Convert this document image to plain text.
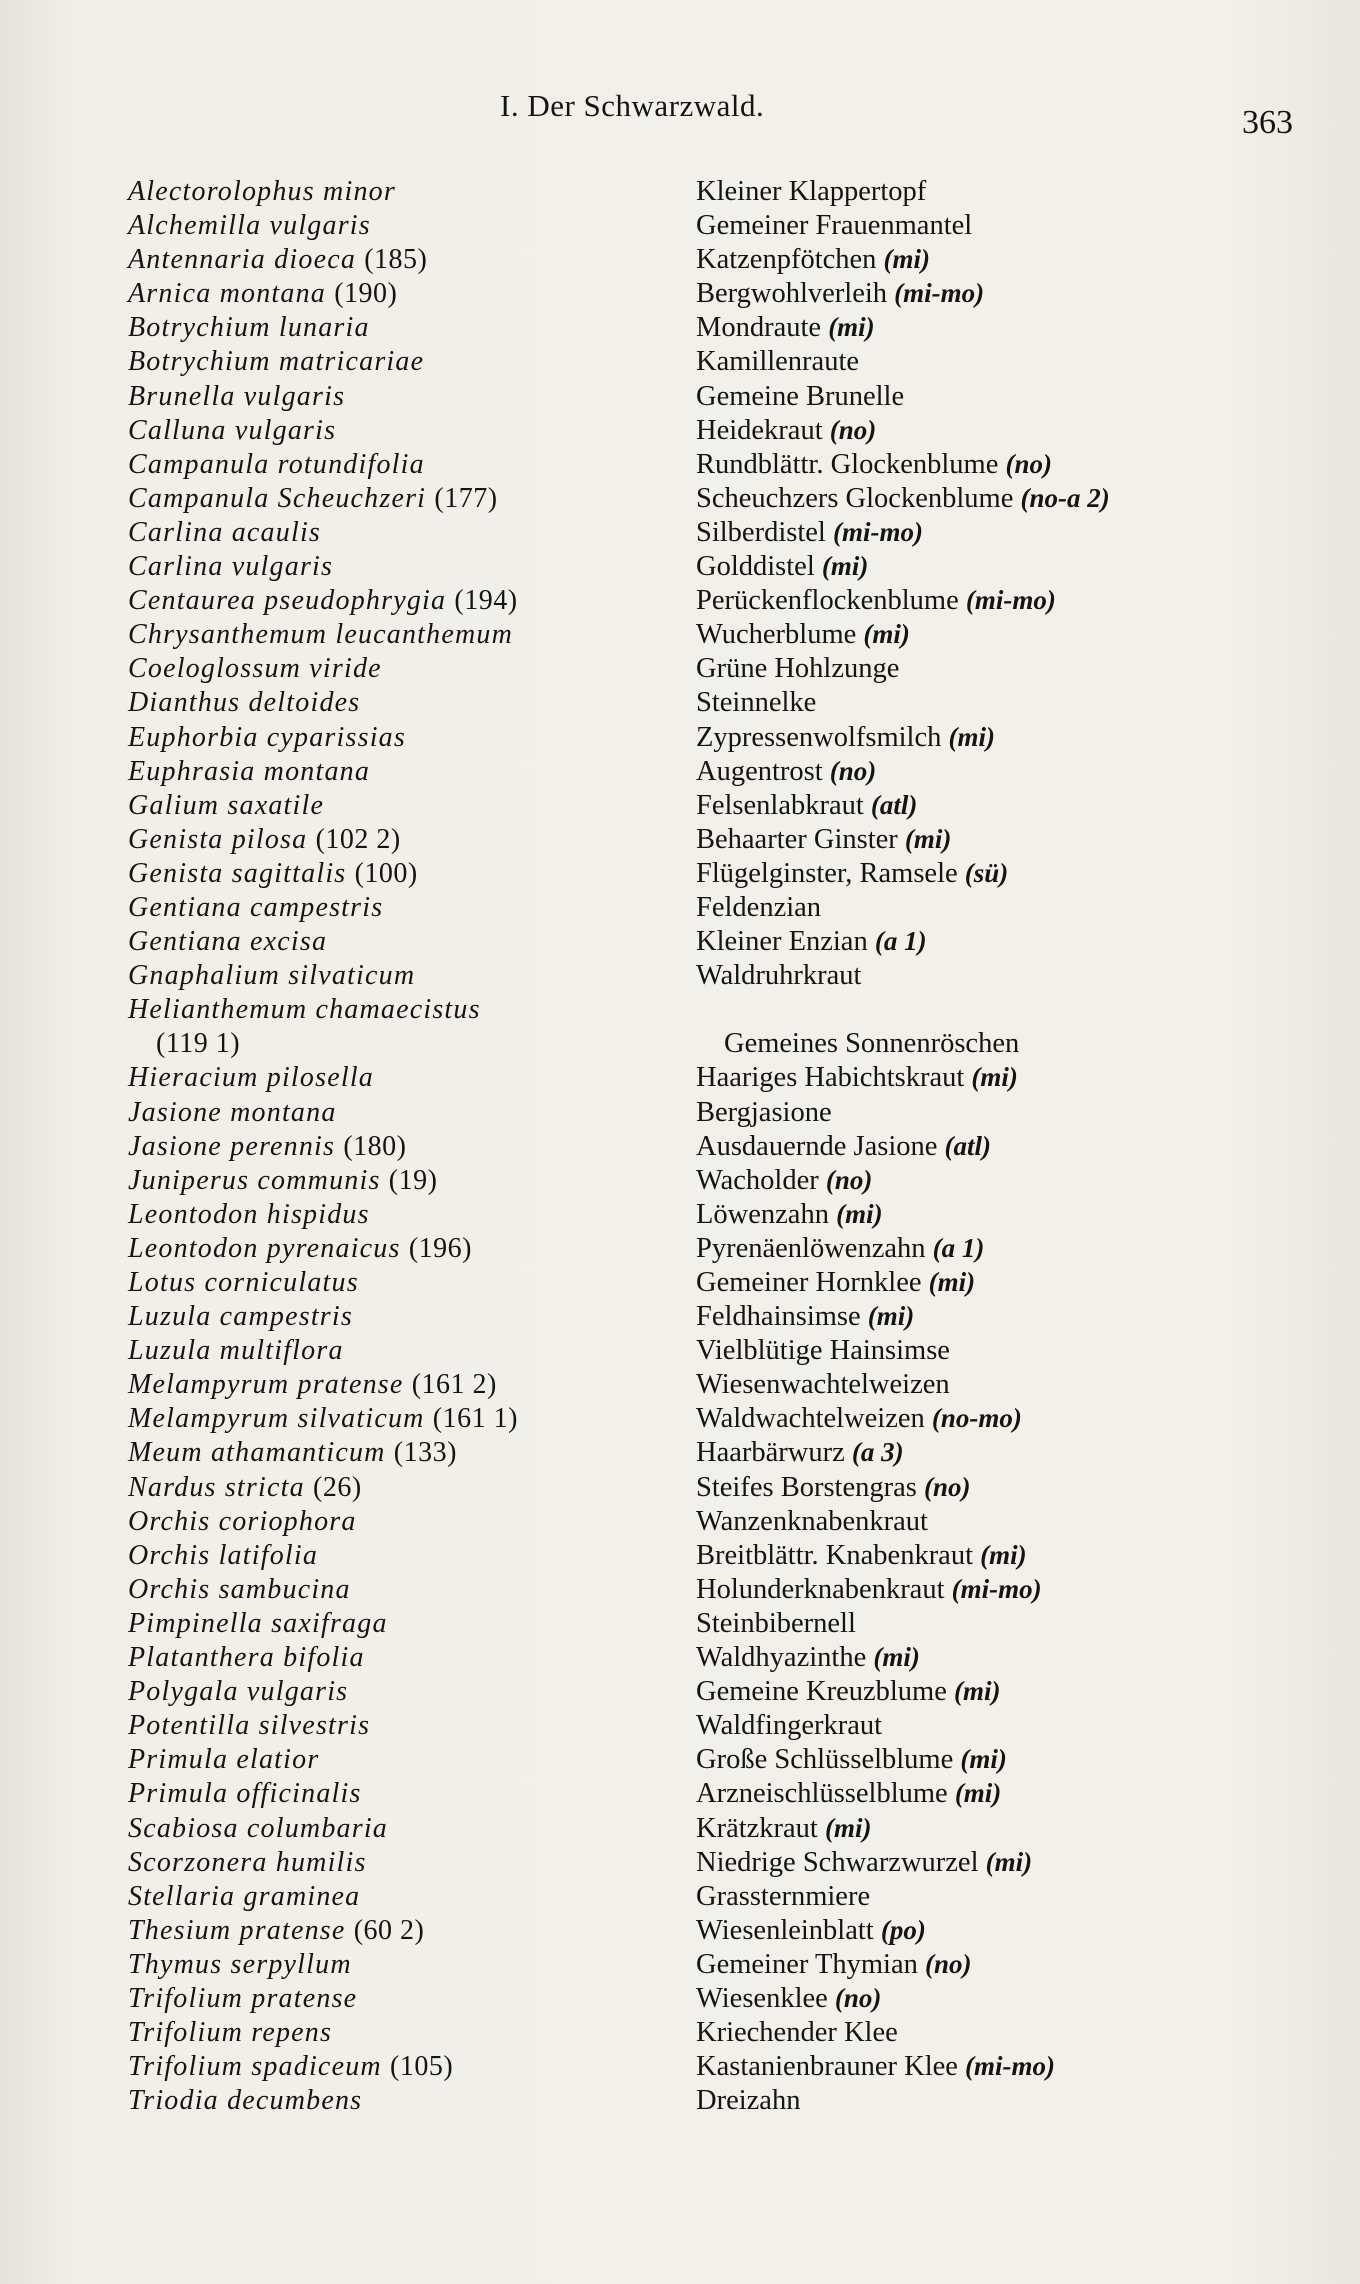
I. Der Schwarzwald.	363
Alectorolophus minor	Kleiner Klappertopf
Alchemilla vulgaris	Gemeiner Frauenmantel
Antennaria dioeca (185)	Katzenpfötchen (mi)
Arnica montana (190)	Bergwohlverleih (mi-mo)
Botrychium lunaria	Mondraute (mi)
Botrychium matricariae	Kamillenraute
Brunella vulgaris	Gemeine Brunelle
Calluna vulgaris	Heidekraut (no)
Campanula rotundifolia	Rundblättr. Glockenblume (no)
Campanula Scheuchzeri (177)	Scheuchzers Glockenblume (no-a 2)
Carlina acaulis	Silberdistel (mi-mo)
Carlina vulgaris	Golddistel (mi)
Centaurea pseudophrygia (194)	Perückenflockenblume (mi-mo)
Chrysanthemum leucanthemum	Wucherblume (mi)
Coeloglossum viride	Grüne Hohlzunge
Dianthus deltoides	Steinnelke
Euphorbia cyparissias	Zypressenwolfsmilch (mi)
Euphrasia montana	Augentrost (no)
Galium saxatile	Felsenlabkraut (atl)
Genista pilosa (102 2)	Behaarter Ginster (mi)
Genista sagittalis (100)	Flügelginster, Ramsele (sü)
Gentiana campestris	Feldenzian
Gentiana excisa	Kleiner Enzian (a 1)
Gnaphalium silvaticum	Waldruhrkraut
Helianthemum chamaecistus
(119 1)	Gemeines Sonnenröschen
Hieracium pilosella	Haariges Habichtskraut (mi)
Jasione montana	Bergjasione
Jasione perennis (180)	Ausdauernde Jasione (atl)
Juniperus communis (19)	Wacholder (no)
Leontodon hispidus	Löwenzahn (mi)
Leontodon pyrenaicus (196)	Pyrenäenlöwenzahn (a 1)
Lotus corniculatus	Gemeiner Hornklee (mi)
Luzula campestris	Feldhainsimse (mi)
Luzula multiflora	Vielblütige Hainsimse
Melampyrum pratense (161 2)	Wiesenwachtelweizen
Melampyrum silvaticum (161 1)	Waldwachtelweizen (no-mo)
Meum athamanticum (133)	Haarbärwurz (a 3)
Nardus stricta (26)	Steifes Borstengras (no)
Orchis coriophora	Wanzenknabenkraut
Orchis latifolia	Breitblättr. Knabenkraut (mi)
Orchis sambucina	Holunderknabenkraut (mi-mo)
Pimpinella saxifraga	Steinbibernell
Platanthera bifolia	Waldhyazinthe (mi)
Polygala vulgaris	Gemeine Kreuzblume (mi)
Potentilla silvestris	Waldfingerkraut
Primula elatior	Große Schlüsselblume (mi)
Primula officinalis	Arzneischlüsselblume (mi)
Scabiosa columbaria	Krätzkraut (mi)
Scorzonera humilis	Niedrige Schwarzwurzel (mi)
Stellaria graminea	Grassternmiere
Thesium pratense (60 2)	Wiesenleinblatt (po)
Thymus serpyllum	Gemeiner Thymian (no)
Trifolium pratense	Wiesenklee (no)
Trifolium repens	Kriechender Klee
Trifolium spadiceum (105)	Kastanienbrauner Klee (mi-mo)
Triodia decumbens	Dreizahn
